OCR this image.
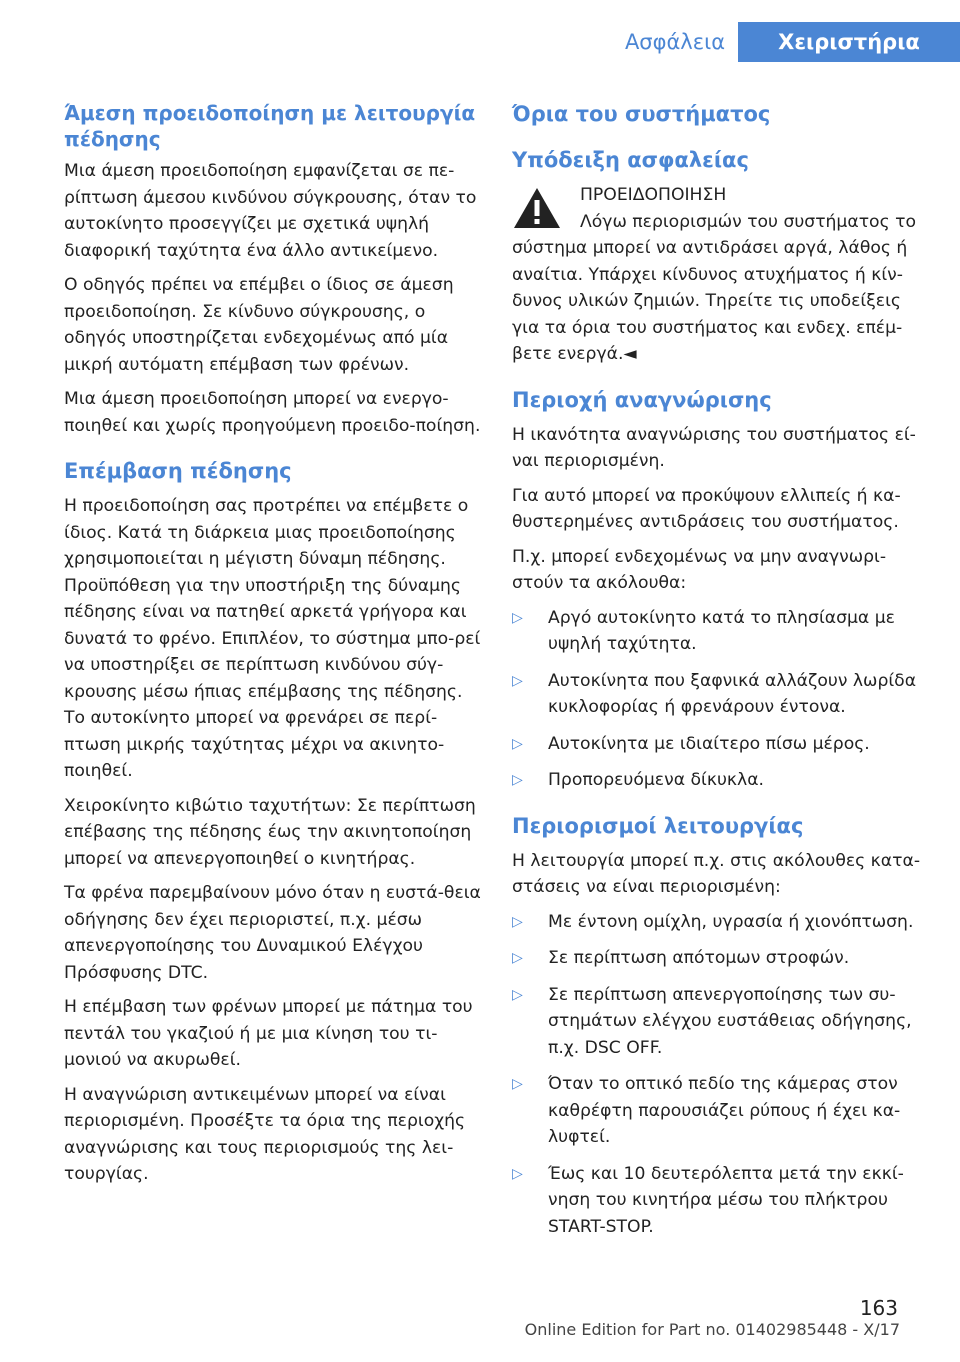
Ασφάλεια	Χειριστήρια
Άμεση προειδοποίηση με λειτουργία πέδησης

Μια άμεση προειδοποίηση εμφανίζεται σε πε‐ρίπτωση άμεσου κινδύνου σύγκρουσης, όταν το αυτοκίνητο προσεγγίζει με σχετικά υψηλή διαφορική ταχύτητα ένα άλλο αντικείμενο.

Ο οδηγός πρέπει να επέμβει ο ίδιος σε άμεση προειδοποίηση. Σε κίνδυνο σύγκρουσης, ο οδηγός υποστηρίζεται ενδεχομένως από μία μικρή αυτόματη επέμβαση των φρένων.

Μια άμεση προειδοποίηση μπορεί να ενεργο‐ποιηθεί και χωρίς προηγούμενη προειδο‐ποίηση.

Επέμβαση πέδησης

Η προειδοποίηση σας προτρέπει να επέμβετε ο ίδιος. Κατά τη διάρκεια μιας προειδοποίησης χρησιμοποιείται η μέγιστη δύναμη πέδησης. Προϋπόθεση για την υποστήριξη της δύναμης πέδησης είναι να πατηθεί αρκετά γρήγορα και δυνατά το φρένο. Επιπλέον, το σύστημα μπο‐ρεί να υποστηρίξει σε περίπτωση κινδύνου σύγ‐κρουσης μέσω ήπιας επέμβασης της πέδησης. Το αυτοκίνητο μπορεί να φρενάρει σε περί‐πτωση μικρής ταχύτητας μέχρι να ακινητο‐ποιηθεί.

Χειροκίνητο κιβώτιο ταχυτήτων: Σε περίπτωση επέβασης της πέδησης έως την ακινητοποίηση μπορεί να απενεργοποιηθεί ο κινητήρας.

Τα φρένα παρεμβαίνουν μόνο όταν η ευστά‐θεια οδήγησης δεν έχει περιοριστεί, π.χ. μέσω απενεργοποίησης του Δυναμικού Ελέγχου Πρόσφυσης DTC.

Η επέμβαση των φρένων μπορεί με πάτημα του πεντάλ του γκαζιού ή με μια κίνηση του τι‐μονιού να ακυρωθεί.

Η αναγνώριση αντικειμένων μπορεί να είναι περιορισμένη. Προσέξτε τα όρια της περιοχής αναγνώρισης και τους περιορισμούς της λει‐τουργίας.

Όρια του συστήματος
Υπόδειξη ασφαλείας
ΠΡΟΕΙΔΟΠΟΙΗΣΗ
Λόγω περιορισμών του συστήματος το σύστημα μπορεί να αντιδράσει αργά, λάθος ή αναίτια. Υπάρχει κίνδυνος ατυχήματος ή κίν‐δυνος υλικών ζημιών. Τηρείτε τις υποδείξεις για τα όρια του συστήματος και ενδεχ. επέμ‐βετε ενεργά.◄
Περιοχή αναγνώρισης

Η ικανότητα αναγνώρισης του συστήματος εί‐ναι περιορισμένη.

Για αυτό μπορεί να προκύψουν ελλιπείς ή κα‐θυστερημένες αντιδράσεις του συστήματος.

Π.χ. μπορεί ενδεχομένως να μην αναγνωρι‐στούν τα ακόλουθα:

▷ Αργό αυτοκίνητο κατά το πλησίασμα με υψηλή ταχύτητα.
▷ Αυτοκίνητα που ξαφνικά αλλάζουν λωρίδα κυκλοφορίας ή φρενάρουν έντονα.
▷ Αυτοκίνητα με ιδιαίτερο πίσω μέρος.
▷ Προπορευόμενα δίκυκλα.
Περιορισμοί λειτουργίας

Η λειτουργία μπορεί π.χ. στις ακόλουθες κατα‐στάσεις να είναι περιορισμένη:

▷ Με έντονη ομίχλη, υγρασία ή χιονόπτωση.
▷ Σε περίπτωση απότομων στροφών.
▷ Σε περίπτωση απενεργοποίησης των συ‐στημάτων ελέγχου ευστάθειας οδήγησης, π.χ. DSC OFF.
▷ Όταν το οπτικό πεδίο της κάμερας στον καθρέφτη παρουσιάζει ρύπους ή έχει κα‐λυφτεί.
▷ Έως και 10 δευτερόλεπτα μετά την εκκί‐νηση του κινητήρα μέσω του πλήκτρου START-STOP.
163
Online Edition for Part no. 01402985448 - X/17
